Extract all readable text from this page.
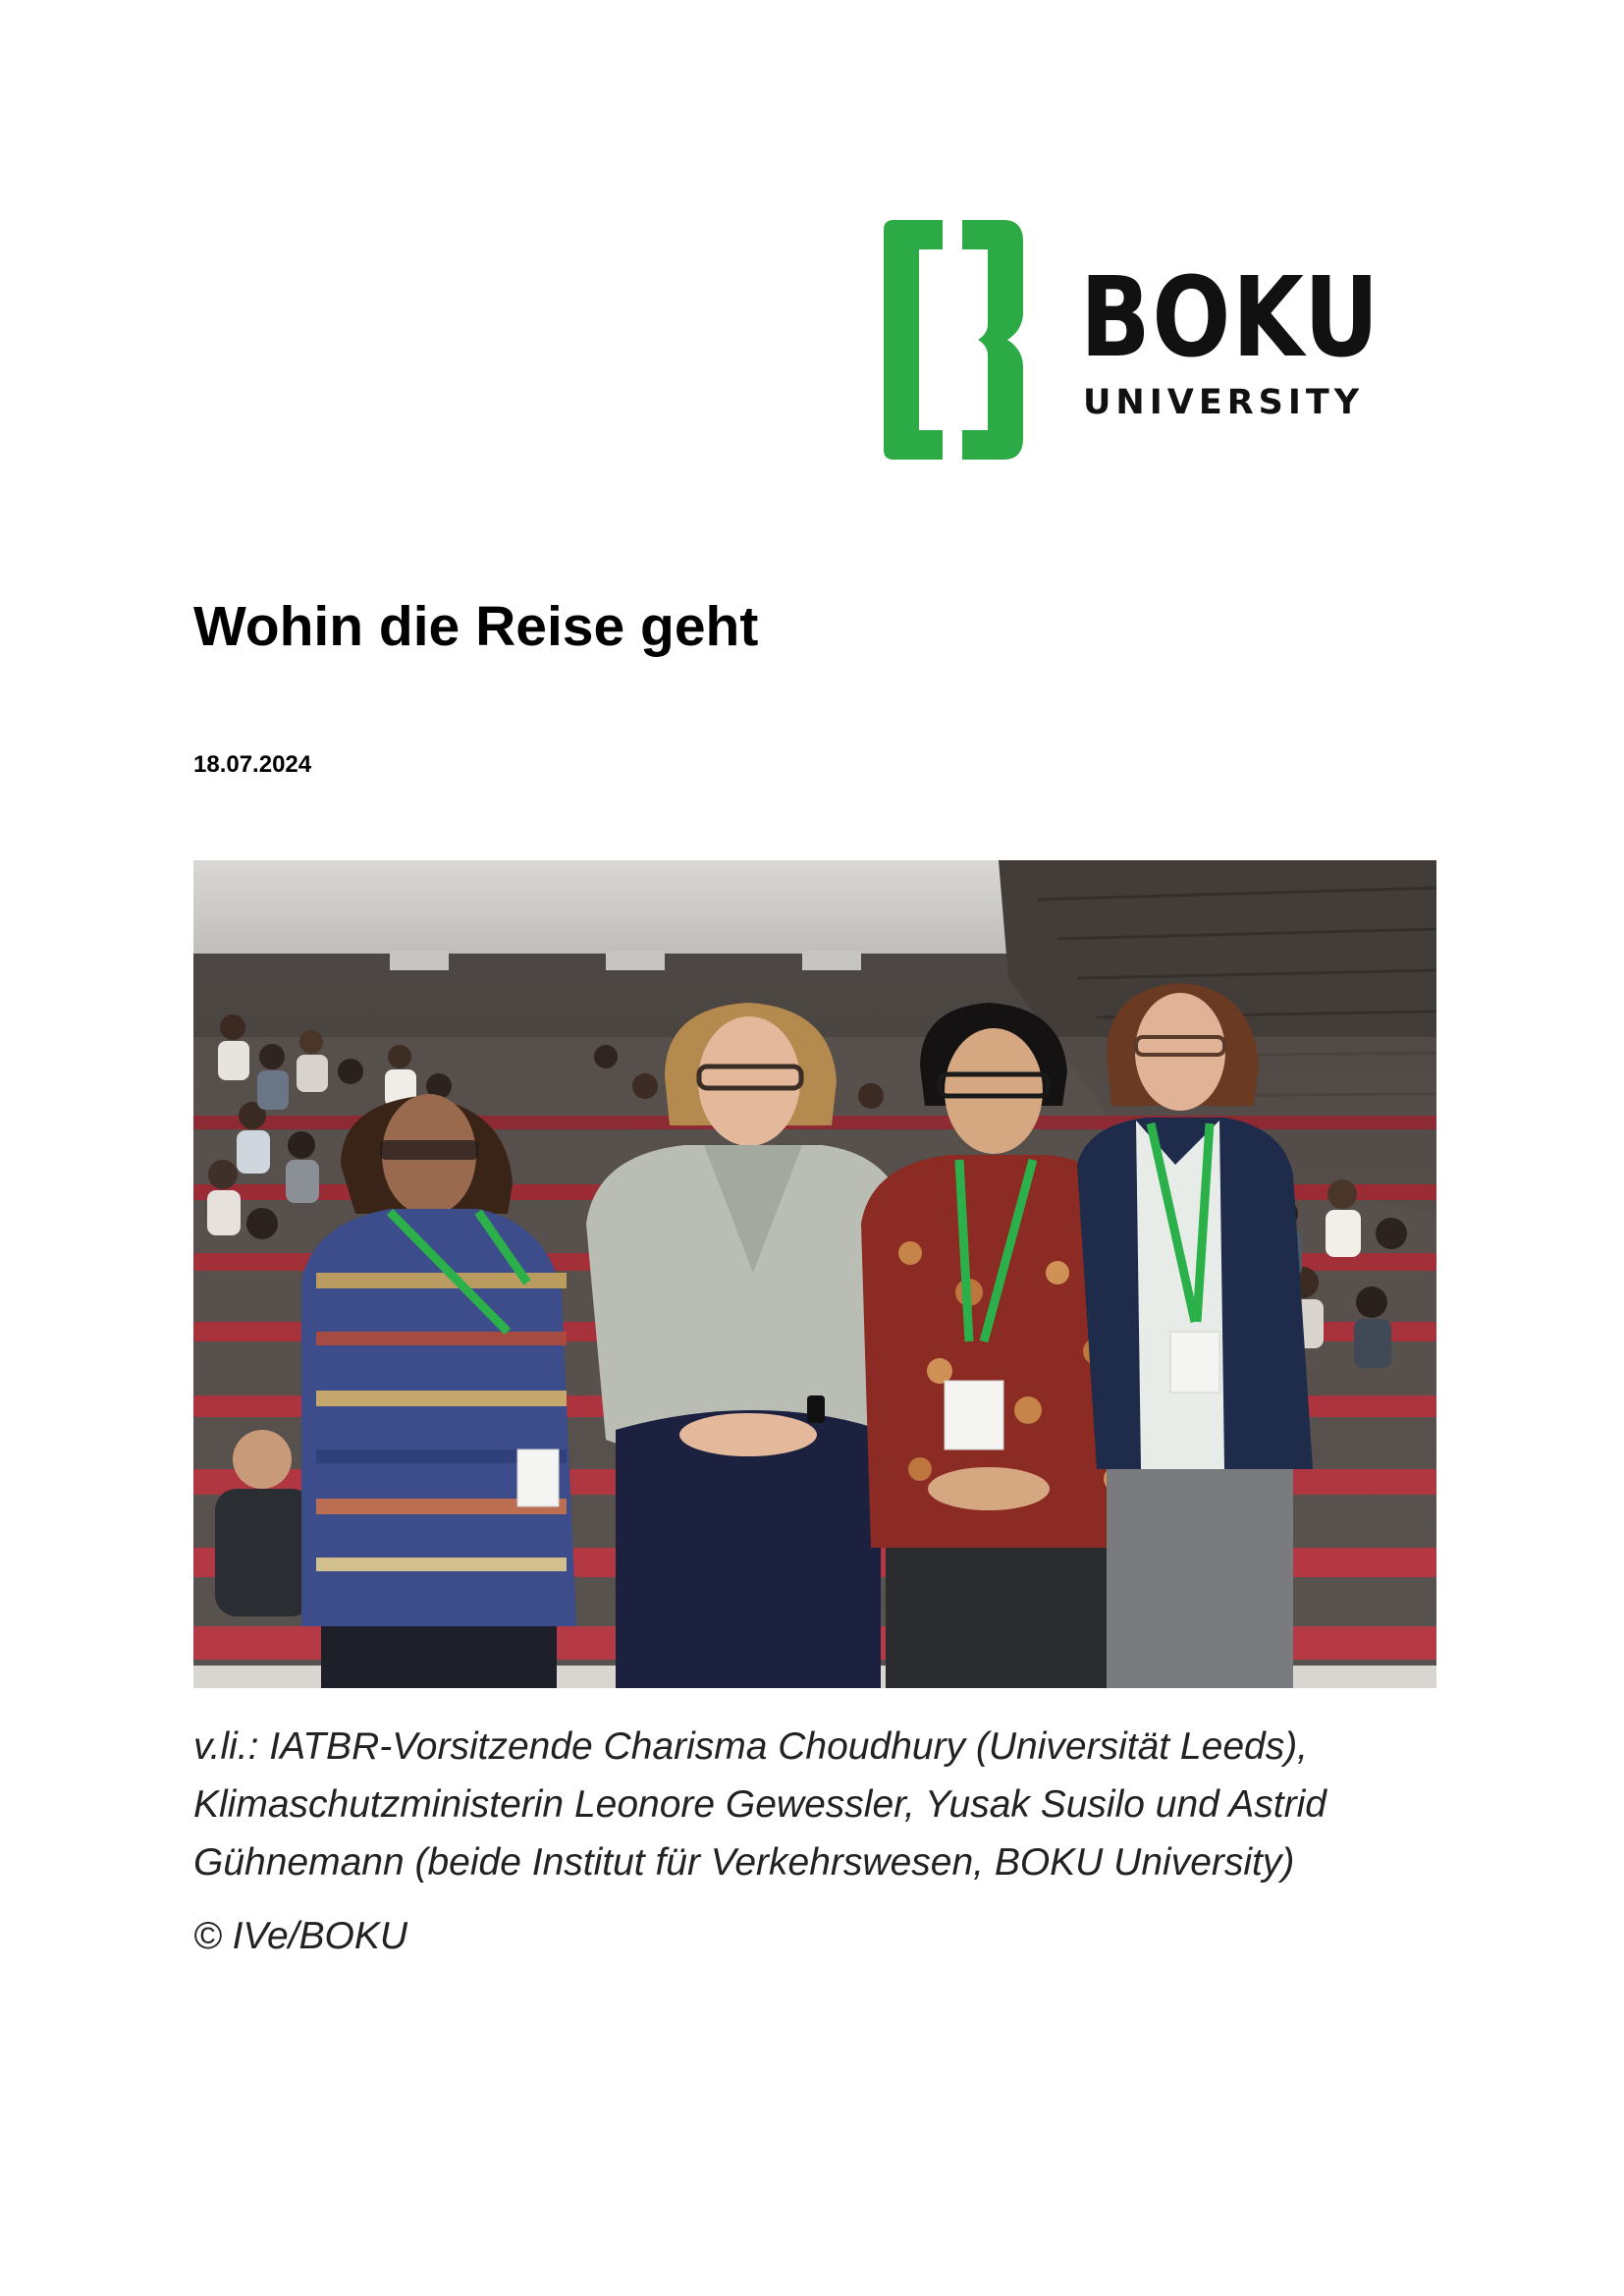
BOKU
UNIVERSITY
Wohin die Reise geht
18.07.2024

v.li.: IATBR-Vorsitzende Charisma Choudhury (Universität Leeds),
Klimaschutzministerin Leonore Gewessler, Yusak Susilo und Astrid
Gühnemann (beide Institut für Verkehrswesen, BOKU University)

© IVe/BOKU
